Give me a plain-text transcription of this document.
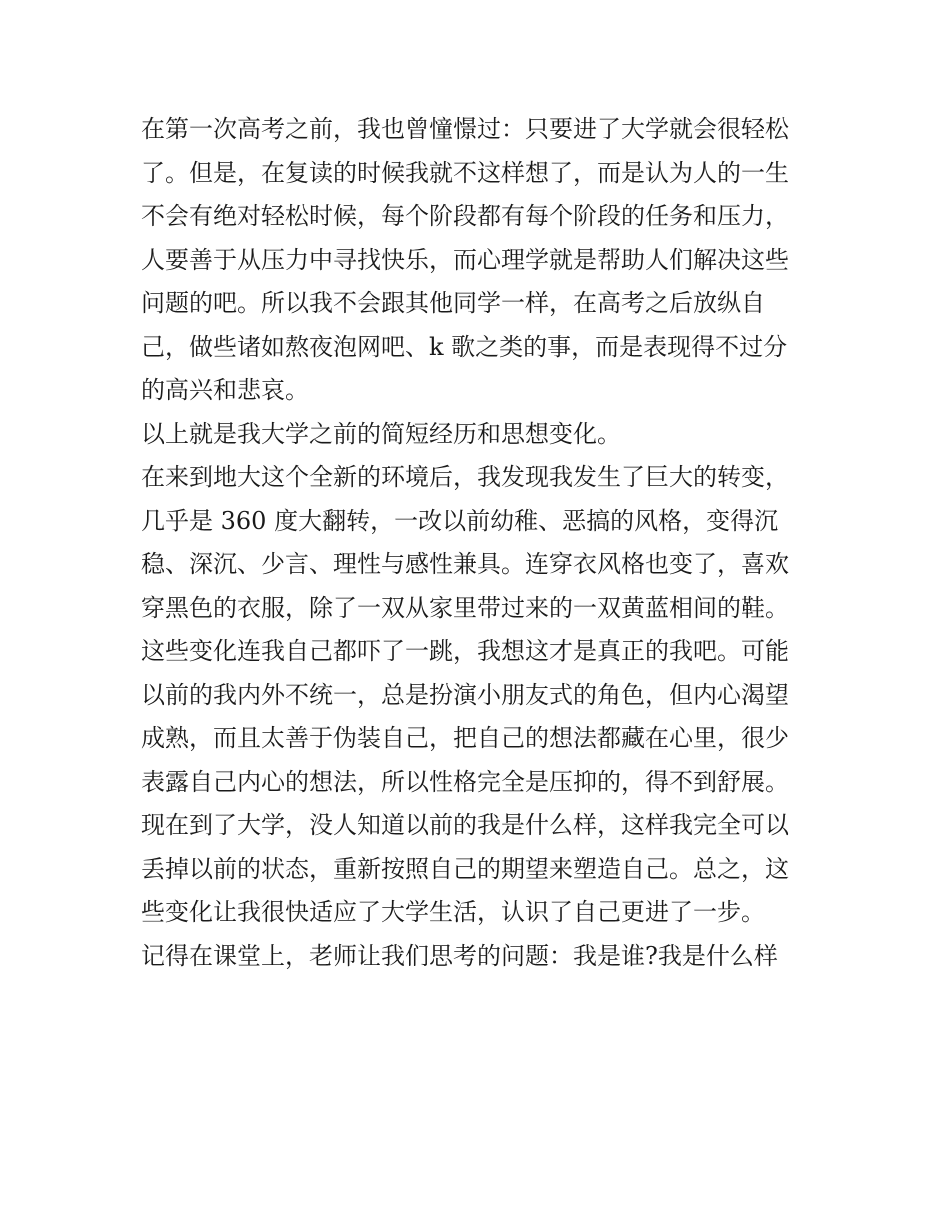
在第一次高考之前，我也曾憧憬过：只要进了大学就会很轻松
了。但是，在复读的时候我就不这样想了，而是认为人的一生
不会有绝对轻松时候，每个阶段都有每个阶段的任务和压力，
人要善于从压力中寻找快乐，而心理学就是帮助人们解决这些
问题的吧。所以我不会跟其他同学一样，在高考之后放纵自
己，做些诸如熬夜泡网吧、k 歌之类的事，而是表现得不过分
的高兴和悲哀。
以上就是我大学之前的简短经历和思想变化。
在来到地大这个全新的环境后，我发现我发生了巨大的转变，
几乎是 360 度大翻转，一改以前幼稚、恶搞的风格，变得沉
稳、深沉、少言、理性与感性兼具。连穿衣风格也变了，喜欢
穿黑色的衣服，除了一双从家里带过来的一双黄蓝相间的鞋。
这些变化连我自己都吓了一跳，我想这才是真正的我吧。可能
以前的我内外不统一，总是扮演小朋友式的角色，但内心渴望
成熟，而且太善于伪装自己，把自己的想法都藏在心里，很少
表露自己内心的想法，所以性格完全是压抑的，得不到舒展。
现在到了大学，没人知道以前的我是什么样，这样我完全可以
丢掉以前的状态，重新按照自己的期望来塑造自己。总之，这
些变化让我很快适应了大学生活，认识了自己更进了一步。
记得在课堂上，老师让我们思考的问题：我是谁?我是什么样
